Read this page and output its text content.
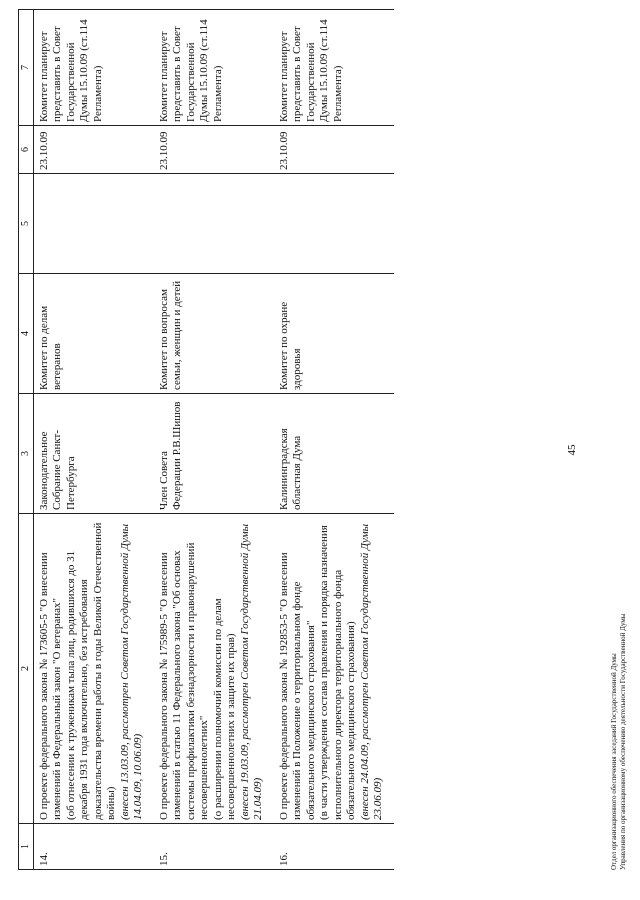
1	2	3	4	5	6	7
14.	О проекте федерального закона № 173605-5 "О внесении изменений в Федеральный закон "О ветеранах" (об отнесении к труженикам тыла лиц, родившихся до 31 декабря 1931 года включительно, без истребования доказательства времени работы в годы Великой Отечественной войны) (внесен 13.03.09, рассмотрен Советом Государственной Думы 14.04.09, 10.06.09)	Законодательное Собрание Санкт-Петербурга	Комитет по делам ветеранов		23.10.09	Комитет планирует представить в Совет Государственной Думы 15.10.09 (ст.114 Регламента)
15.	О проекте федерального закона № 175989-5 "О внесении изменений в статью 11 Федерального закона "Об основах системы профилактики безнадзорности и правонарушений несовершеннолетних" (о расширении полномочий комиссии по делам несовершеннолетних и защите их прав) (внесен 19.03.09, рассмотрен Советом Государственной Думы 21.04.09)	Член Совета Федерации Р.В.Шишов	Комитет по вопросам семьи, женщин и детей		23.10.09	Комитет планирует представить в Совет Государственной Думы 15.10.09 (ст.114 Регламента)
16.	О проекте федерального закона № 192853-5 "О внесении изменений в Положение о территориальном фонде обязательного медицинского страхования" (в части утверждения состава правления и порядка назначения исполнительного директора территориального фонда обязательного медицинского страхования) (внесен 24.04.09, рассмотрен Советом Государственной Думы 23.06.09)	Калининградская областная Дума	Комитет по охране здоровья		23.10.09	Комитет планирует представить в Совет Государственной Думы 15.10.09 (ст.114 Регламента)
45
Отдел организационного обеспечения заседаний Государственной Думы Управления по организационному обеспечению деятельности Государственной Думы
